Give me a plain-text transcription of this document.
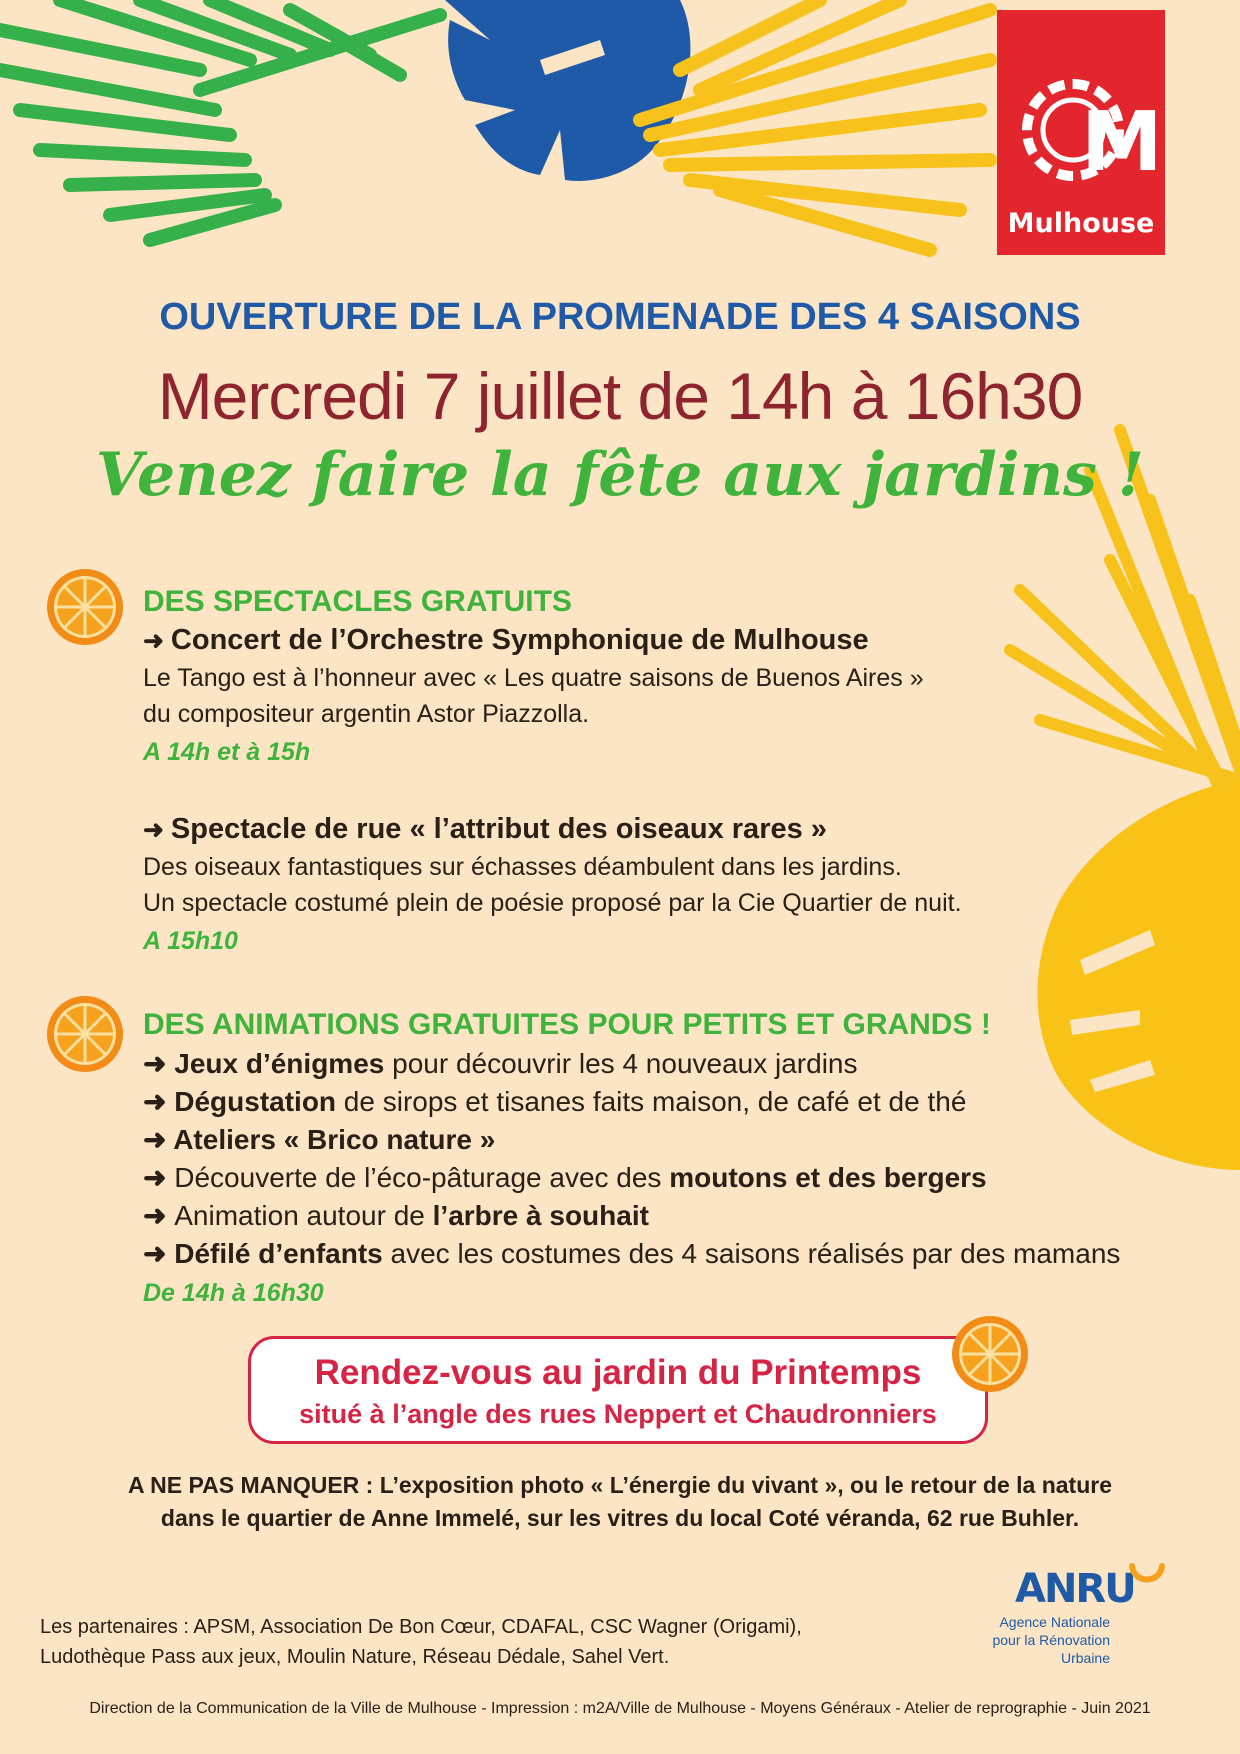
M
Mulhouse
OUVERTURE DE LA PROMENADE DES 4 SAISONS
Mercredi 7 juillet de 14h à 16h30
Venez faire la fête aux jardins !
DES SPECTACLES GRATUITS
➜ Concert de l’Orchestre Symphonique de Mulhouse
Le Tango est à l’honneur avec « Les quatre saisons de Buenos Aires »
du compositeur argentin Astor Piazzolla.
A 14h et à 15h
➜ Spectacle de rue « l’attribut des oiseaux rares »
Des oiseaux fantastiques sur échasses déambulent dans les jardins.
Un spectacle costumé plein de poésie proposé par la Cie Quartier de nuit.
A 15h10
DES ANIMATIONS GRATUITES POUR PETITS ET GRANDS !
➜ Jeux d’énigmes pour découvrir les 4 nouveaux jardins
➜ Dégustation de sirops et tisanes faits maison, de café et de thé
➜ Ateliers « Brico nature »
➜ Découverte de l’éco-pâturage avec des moutons et des bergers
➜ Animation autour de l’arbre à souhait
➜ Défilé d’enfants avec les costumes des 4 saisons réalisés par des mamans
De 14h à 16h30
Rendez-vous au jardin du Printemps
situé à l’angle des rues Neppert et Chaudronniers
A NE PAS MANQUER : L’exposition photo « L’énergie du vivant », ou le retour de la nature
dans le quartier de Anne Immelé, sur les vitres du local Coté véranda, 62 rue Buhler.
Les partenaires : APSM, Association De Bon Cœur, CDAFAL, CSC Wagner (Origami),
Ludothèque Pass aux jeux, Moulin Nature, Réseau Dédale, Sahel Vert.
ANRU
Agence Nationale
pour la Rénovation
Urbaine
Direction de la Communication de la Ville de Mulhouse - Impression : m2A/Ville de Mulhouse - Moyens Généraux - Atelier de reprographie - Juin 2021
